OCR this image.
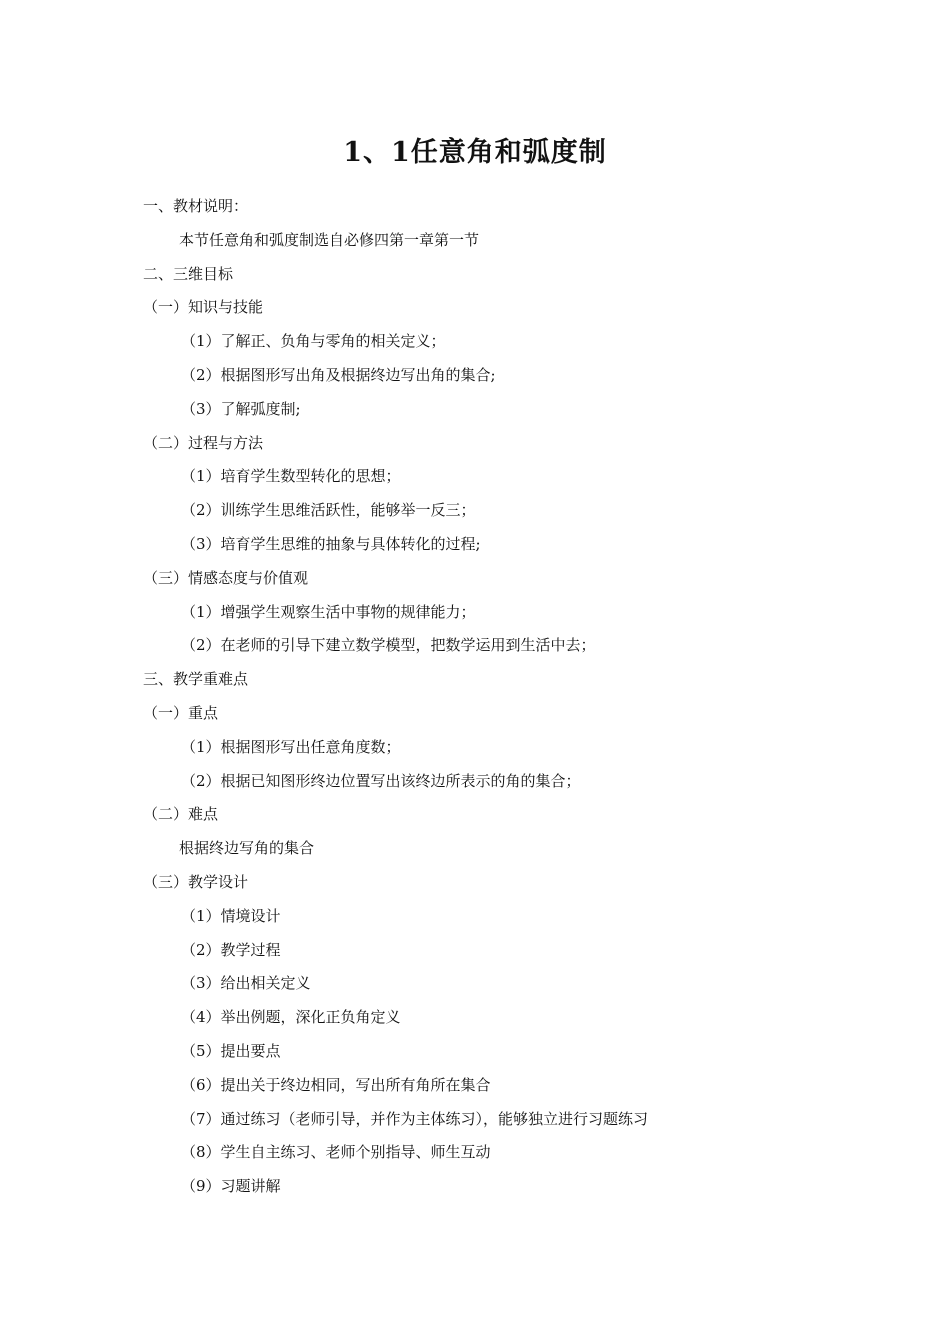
1、1任意角和弧度制
一、教材说明：
本节任意角和弧度制选自必修四第一章第一节
二、三维目标
（一）知识与技能
（1）了解正、负角与零角的相关定义；
（2）根据图形写出角及根据终边写出角的集合;
（3）了解弧度制;
（二）过程与方法
（1）培育学生数型转化的思想；
（2）训练学生思维活跃性，能够举一反三；
（3）培育学生思维的抽象与具体转化的过程;
（三）情感态度与价值观
（1）增强学生观察生活中事物的规律能力；
（2）在老师的引导下建立数学模型，把数学运用到生活中去；
三、教学重难点
（一）重点
（1）根据图形写出任意角度数；
（2）根据已知图形终边位置写出该终边所表示的角的集合；
（二）难点
根据终边写角的集合
（三）教学设计
（1）情境设计
（2）教学过程
（3）给出相关定义
（4）举出例题，深化正负角定义
（5）提出要点
（6）提出关于终边相同，写出所有角所在集合
（7）通过练习（老师引导，并作为主体练习），能够独立进行习题练习
（8）学生自主练习、老师个别指导、师生互动
（9）习题讲解
